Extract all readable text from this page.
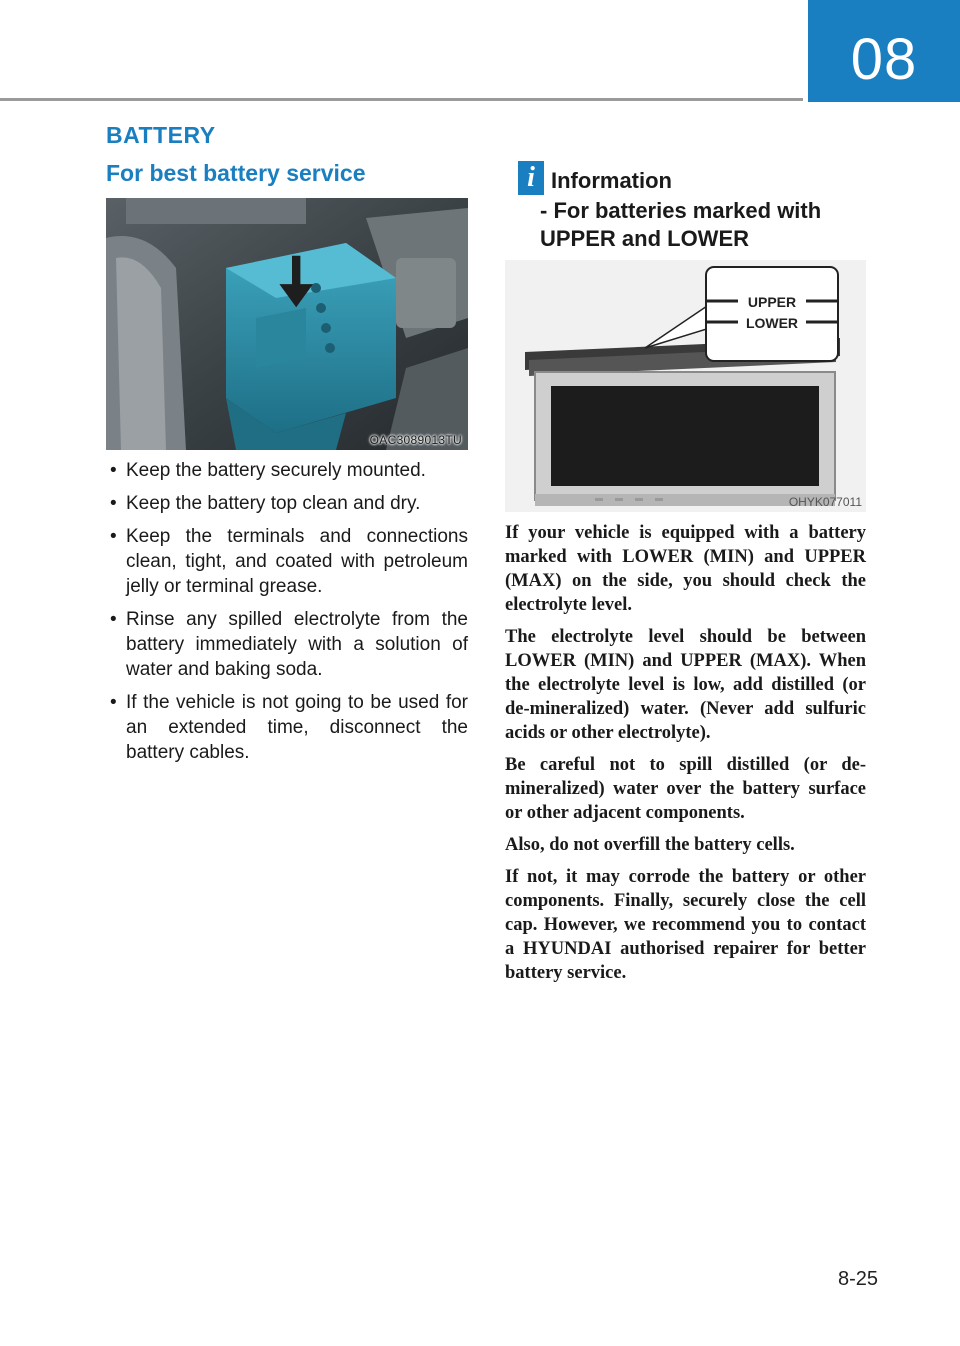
08
BATTERY
For best battery service
OAC3089013TU
• Keep the battery securely mounted.
• Keep the battery top clean and dry.
• Keep the terminals and connections clean, tight, and coated with petroleum jelly or terminal grease.
• Rinse any spilled electrolyte from the battery immediately with a solution of water and baking soda.
• If the vehicle is not going to be used for an extended time, disconnect the battery cables.
i Information
- For batteries marked with UPPER and LOWER
UPPER
LOWER
OHYK077011

If your vehicle is equipped with a battery marked with LOWER (MIN) and UPPER (MAX) on the side, you should check the electrolyte level.

The electrolyte level should be between LOWER (MIN) and UPPER (MAX). When the electrolyte level is low, add distilled (or de-mineralized) water. (Never add sulfuric acids or other electrolyte).

Be careful not to spill distilled (or de-mineralized) water over the battery surface or other adjacent components.

Also, do not overfill the battery cells.

If not, it may corrode the battery or other components. Finally, securely close the cell cap. However, we recommend you to contact a HYUNDAI authorised repairer for better battery service.

8-25
